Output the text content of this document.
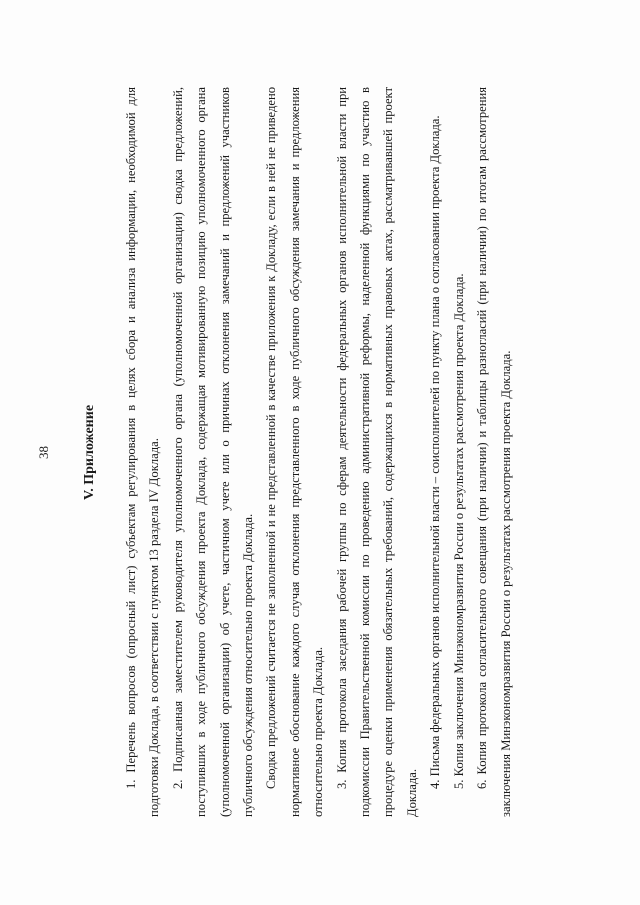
38 V. Приложение	1. Перечень вопросов (опросный лист) субъектам регулирования в целях сбора и анализа информации, необходимой для подготовки Доклада, в соответствии с пунктом 13 раздела IV Доклада. 2. Подписанная заместителем руководителя уполномоченного органа (уполномоченной организации) сводка предложений, поступивших в ходе публичного обсуждения проекта Доклада, содержащая мотивированную позицию уполномоченного органа (уполномоченной организации) об учете, частичном учете или о причинах отклонения замечаний и предложений участников публичного обсуждения относительно проекта Доклада. Сводка предложений считается не заполненной и не представленной в качестве приложения к Докладу, если в ней не приведено нормативное обоснование каждого случая отклонения представленного в ходе публичного обсуждения замечания и предложения относительно проекта Доклада. 3. Копия протокола заседания рабочей группы по сферам деятельности федеральных органов исполнительной власти при подкомиссии Правительственной комиссии по проведению административной реформы, наделенной функциями по участию в процедуре оценки применения обязательных требований, содержащихся в нормативных правовых актах, рассматривавшей проект Доклада.

4. Письма федеральных органов исполнительной власти – соисполнителей по пункту плана о согласовании проекта Доклада. 5. Копия заключения Минэкономразвития России о результатах рассмотрения проекта Доклада. 6. Копия протокола согласительного совещания (при наличии) и таблицы разногласий (при наличии) по итогам рассмотрения заключения Минэкономразвития России о результатах рассмотрения проекта Доклада.
